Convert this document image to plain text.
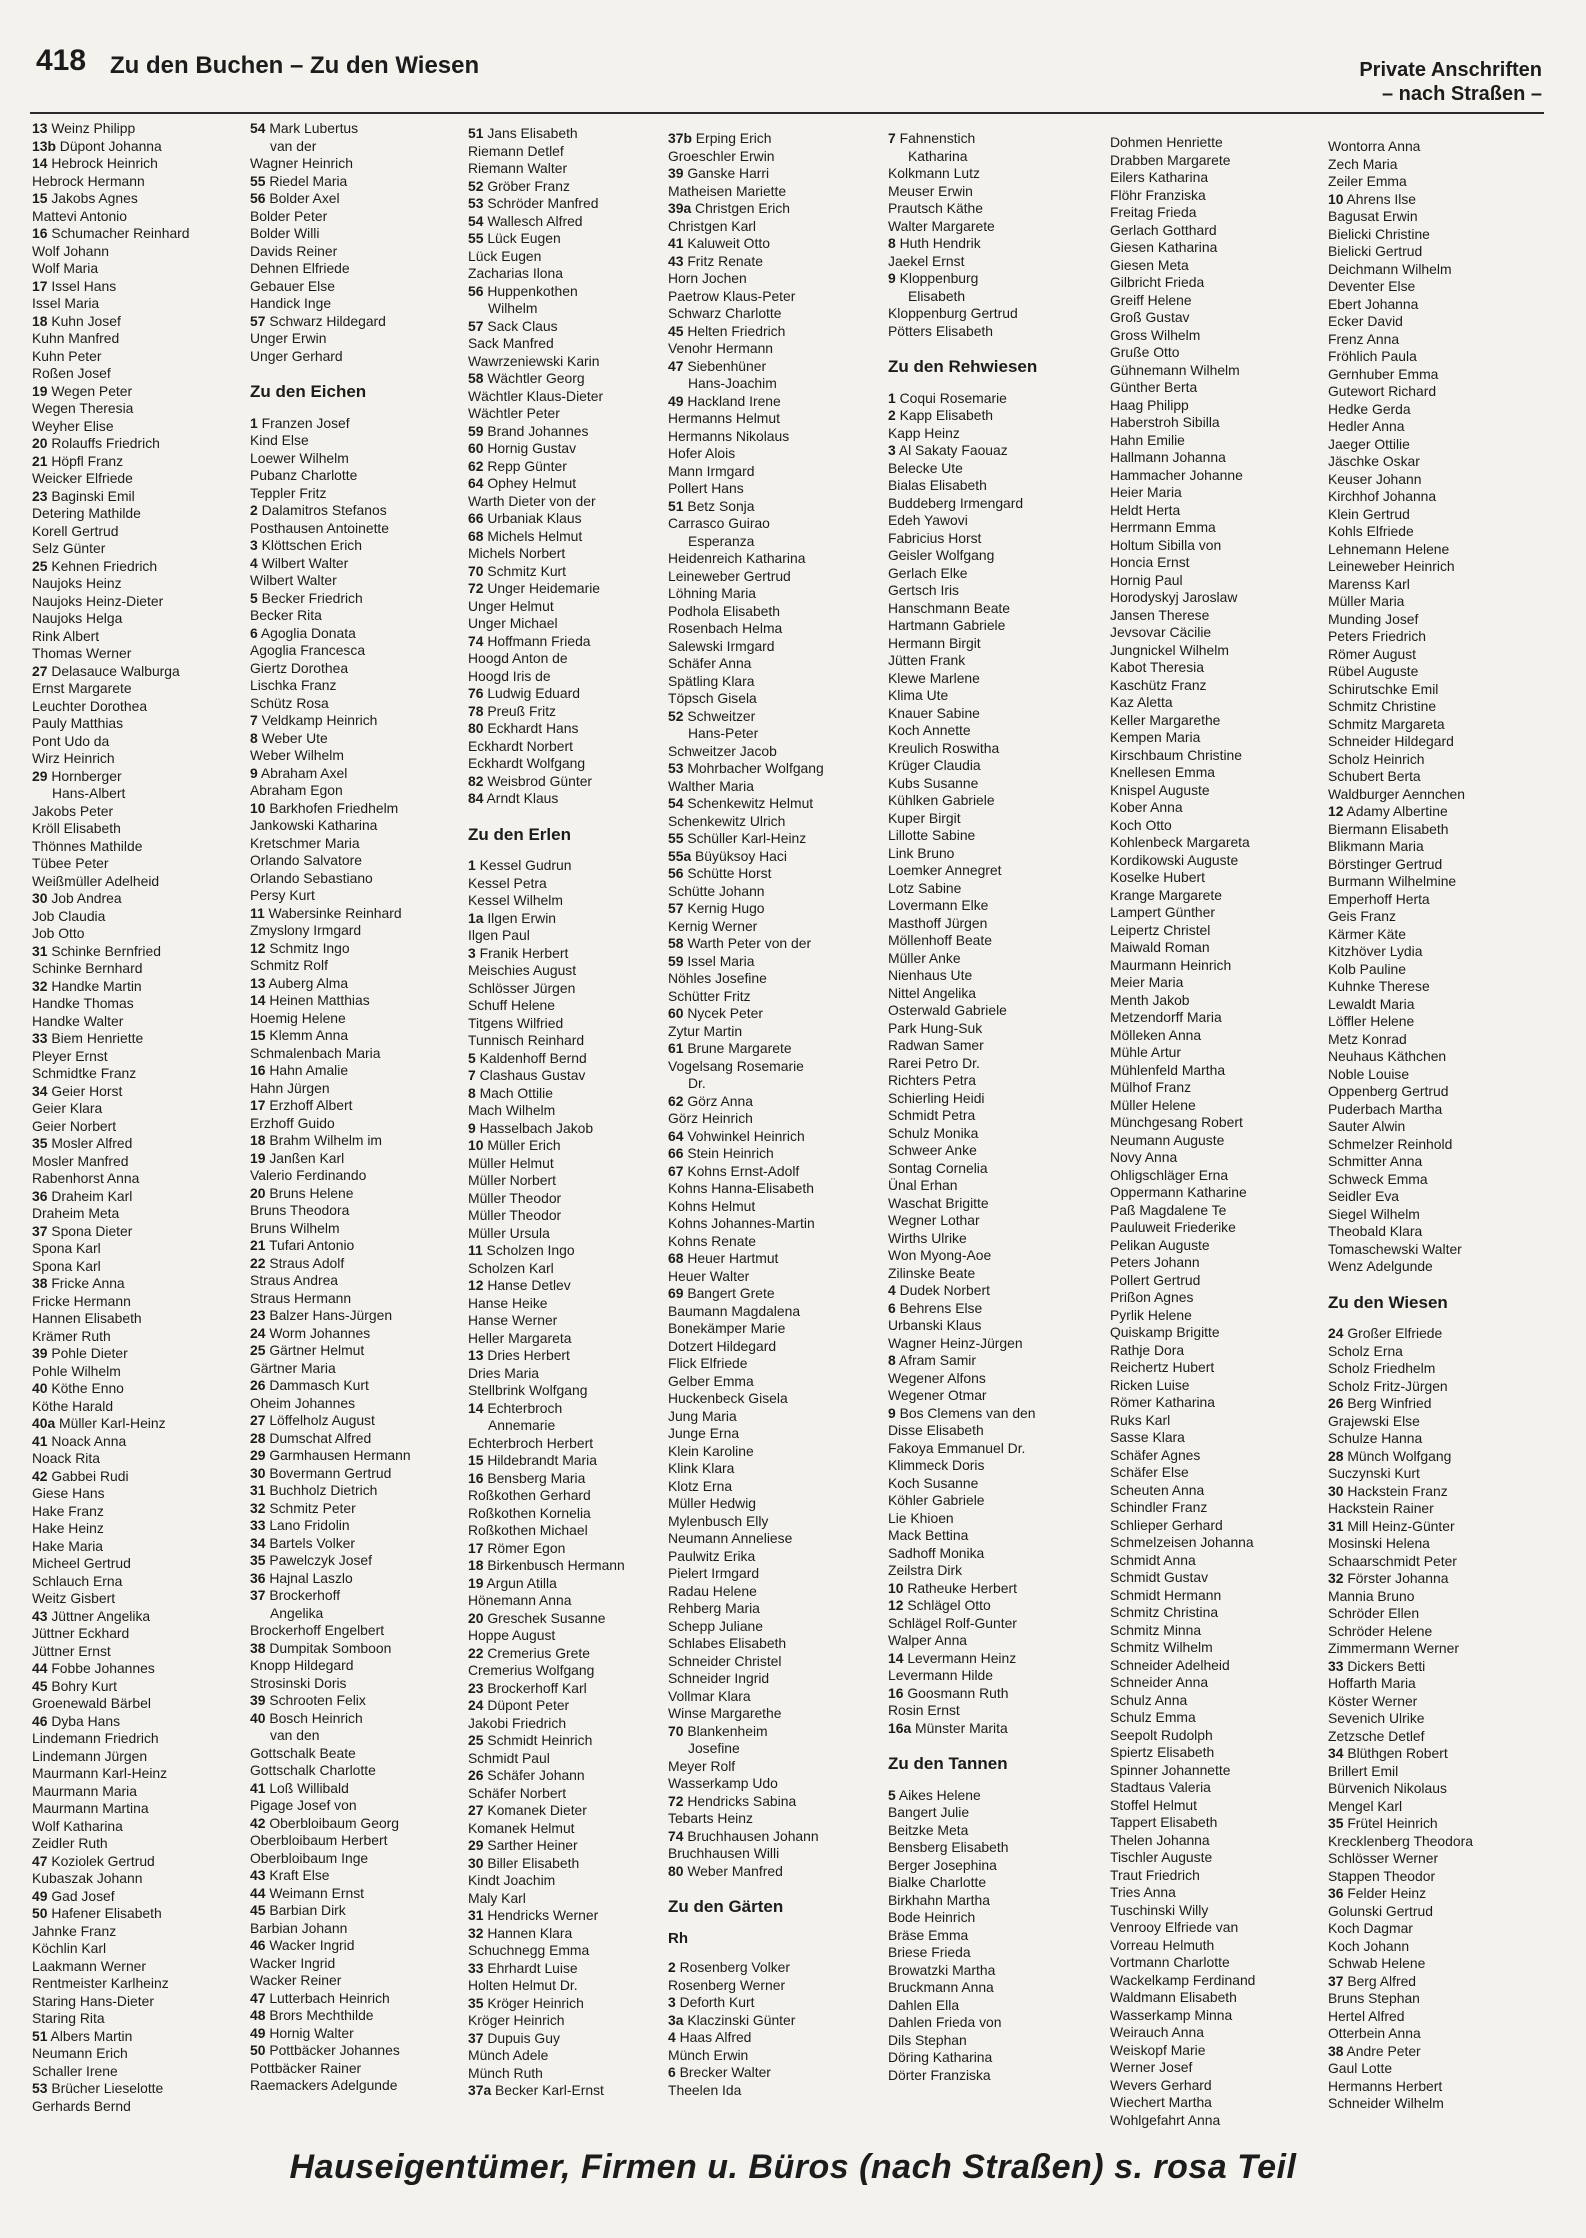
418 Zu den Buchen – Zu den Wiesen	Private Anschriften
– nach Straßen –
13 Weinz Philipp
13b Düpont Johanna
14 Hebrock Heinrich
Hebrock Hermann
15 Jakobs Agnes
Mattevi Antonio
16 Schumacher Reinhard
Wolf Johann
Wolf Maria
17 Issel Hans
Issel Maria
18 Kuhn Josef
Kuhn Manfred
Kuhn Peter
Roßen Josef
19 Wegen Peter
Wegen Theresia
Weyher Elise
20 Rolauffs Friedrich
21 Höpfl Franz
Weicker Elfriede
23 Baginski Emil
Detering Mathilde
Korell Gertrud
Selz Günter
25 Kehnen Friedrich
Naujoks Heinz
Naujoks Heinz-Dieter
Naujoks Helga
Rink Albert
Thomas Werner
27 Delasauce Walburga
Ernst Margarete
Leuchter Dorothea
Pauly Matthias
Pont Udo da
Wirz Heinrich
29 Hornberger
Hans-Albert
Jakobs Peter
Kröll Elisabeth
Thönnes Mathilde
Tübee Peter
Weißmüller Adelheid
30 Job Andrea
Job Claudia
Job Otto
31 Schinke Bernfried
Schinke Bernhard
32 Handke Martin
Handke Thomas
Handke Walter
33 Biem Henriette
Pleyer Ernst
Schmidtke Franz
34 Geier Horst
Geier Klara
Geier Norbert
35 Mosler Alfred
Mosler Manfred
Rabenhorst Anna
36 Draheim Karl
Draheim Meta
37 Spona Dieter
Spona Karl
Spona Karl
38 Fricke Anna
Fricke Hermann
Hannen Elisabeth
Krämer Ruth
39 Pohle Dieter
Pohle Wilhelm
40 Köthe Enno
Köthe Harald
40a Müller Karl-Heinz
41 Noack Anna
Noack Rita
42 Gabbei Rudi
Giese Hans
Hake Franz
Hake Heinz
Hake Maria
Micheel Gertrud
Schlauch Erna
Weitz Gisbert
43 Jüttner Angelika
Jüttner Eckhard
Jüttner Ernst
44 Fobbe Johannes
45 Bohry Kurt
Groenewald Bärbel
46 Dyba Hans
Lindemann Friedrich
Lindemann Jürgen
Maurmann Karl-Heinz
Maurmann Maria
Maurmann Martina
Wolf Katharina
Zeidler Ruth
47 Koziolek Gertrud
Kubaszak Johann
49 Gad Josef
50 Hafener Elisabeth
Jahnke Franz
Köchlin Karl
Laakmann Werner
Rentmeister Karlheinz
Staring Hans-Dieter
Staring Rita
51 Albers Martin
Neumann Erich
Schaller Irene
53 Brücher Lieselotte
Gerhards Bernd
54 Mark Lubertus
van der
Wagner Heinrich
55 Riedel Maria
56 Bolder Axel
Bolder Peter
Bolder Willi
Davids Reiner
Dehnen Elfriede
Gebauer Else
Handick Inge
57 Schwarz Hildegard
Unger Erwin
Unger Gerhard
Zu den Eichen
1 Franzen Josef
Kind Else
Loewer Wilhelm
Pubanz Charlotte
Teppler Fritz
2 Dalamitros Stefanos
Posthausen Antoinette
3 Klöttschen Erich
4 Wilbert Walter
Wilbert Walter
5 Becker Friedrich
Becker Rita
6 Agoglia Donata
Agoglia Francesca
Giertz Dorothea
Lischka Franz
Schütz Rosa
7 Veldkamp Heinrich
8 Weber Ute
Weber Wilhelm
9 Abraham Axel
Abraham Egon
10 Barkhofen Friedhelm
Jankowski Katharina
Kretschmer Maria
Orlando Salvatore
Orlando Sebastiano
Persy Kurt
11 Wabersinke Reinhard
Zmyslony Irmgard
12 Schmitz Ingo
Schmitz Rolf
13 Auberg Alma
14 Heinen Matthias
Hoemig Helene
15 Klemm Anna
Schmalenbach Maria
16 Hahn Amalie
Hahn Jürgen
17 Erzhoff Albert
Erzhoff Guido
18 Brahm Wilhelm im
19 Janßen Karl
Valerio Ferdinando
20 Bruns Helene
Bruns Theodora
Bruns Wilhelm
21 Tufari Antonio
22 Straus Adolf
Straus Andrea
Straus Hermann
23 Balzer Hans-Jürgen
24 Worm Johannes
25 Gärtner Helmut
Gärtner Maria
26 Dammasch Kurt
Oheim Johannes
27 Löffelholz August
28 Dumschat Alfred
29 Garmhausen Hermann
30 Bovermann Gertrud
31 Buchholz Dietrich
32 Schmitz Peter
33 Lano Fridolin
34 Bartels Volker
35 Pawelczyk Josef
36 Hajnal Laszlo
37 Brockerhoff
Angelika
Brockerhoff Engelbert
38 Dumpitak Somboon
Knopp Hildegard
Strosinski Doris
39 Schrooten Felix
40 Bosch Heinrich
van den
Gottschalk Beate
Gottschalk Charlotte
41 Loß Willibald
Pigage Josef von
42 Oberbloibaum Georg
Oberbloibaum Herbert
Oberbloibaum Inge
43 Kraft Else
44 Weimann Ernst
45 Barbian Dirk
Barbian Johann
46 Wacker Ingrid
Wacker Ingrid
Wacker Reiner
47 Lutterbach Heinrich
48 Brors Mechthilde
49 Hornig Walter
50 Pottbäcker Johannes
Pottbäcker Rainer
Raemackers Adelgunde
51 Jans Elisabeth
Riemann Detlef
Riemann Walter
52 Gröber Franz
53 Schröder Manfred
54 Wallesch Alfred
55 Lück Eugen
Lück Eugen
Zacharias Ilona
56 Huppenkothen
Wilhelm
57 Sack Claus
Sack Manfred
Wawrzeniewski Karin
58 Wächtler Georg
Wächtler Klaus-Dieter
Wächtler Peter
59 Brand Johannes
60 Hornig Gustav
62 Repp Günter
64 Ophey Helmut
Warth Dieter von der
66 Urbaniak Klaus
68 Michels Helmut
Michels Norbert
70 Schmitz Kurt
72 Unger Heidemarie
Unger Helmut
Unger Michael
74 Hoffmann Frieda
Hoogd Anton de
Hoogd Iris de
76 Ludwig Eduard
78 Preuß Fritz
80 Eckhardt Hans
Eckhardt Norbert
Eckhardt Wolfgang
82 Weisbrod Günter
84 Arndt Klaus
Zu den Erlen
1 Kessel Gudrun
Kessel Petra
Kessel Wilhelm
1a Ilgen Erwin
Ilgen Paul
3 Franik Herbert
Meischies August
Schlösser Jürgen
Schuff Helene
Titgens Wilfried
Tunnisch Reinhard
5 Kaldenhoff Bernd
7 Clashaus Gustav
8 Mach Ottilie
Mach Wilhelm
9 Hasselbach Jakob
10 Müller Erich
Müller Helmut
Müller Norbert
Müller Theodor
Müller Theodor
Müller Ursula
11 Scholzen Ingo
Scholzen Karl
12 Hanse Detlev
Hanse Heike
Hanse Werner
Heller Margareta
13 Dries Herbert
Dries Maria
Stellbrink Wolfgang
14 Echterbroch
Annemarie
Echterbroch Herbert
15 Hildebrandt Maria
16 Bensberg Maria
Roßkothen Gerhard
Roßkothen Kornelia
Roßkothen Michael
17 Römer Egon
18 Birkenbusch Hermann
19 Argun Atilla
Hönemann Anna
20 Greschek Susanne
Hoppe August
22 Cremerius Grete
Cremerius Wolfgang
23 Brockerhoff Karl
24 Düpont Peter
Jakobi Friedrich
25 Schmidt Heinrich
Schmidt Paul
26 Schäfer Johann
Schäfer Norbert
27 Komanek Dieter
Komanek Helmut
29 Sarther Heiner
30 Biller Elisabeth
Kindt Joachim
Maly Karl
31 Hendricks Werner
32 Hannen Klara
Schuchnegg Emma
33 Ehrhardt Luise
Holten Helmut Dr.
35 Kröger Heinrich
Kröger Heinrich
37 Dupuis Guy
Münch Adele
Münch Ruth
37a Becker Karl-Ernst
37b Erping Erich
Groeschler Erwin
39 Ganske Harri
Matheisen Mariette
39a Christgen Erich
Christgen Karl
41 Kaluweit Otto
43 Fritz Renate
Horn Jochen
Paetrow Klaus-Peter
Schwarz Charlotte
45 Helten Friedrich
Venohr Hermann
47 Siebenhüner
Hans-Joachim
49 Hackland Irene
Hermanns Helmut
Hermanns Nikolaus
Hofer Alois
Mann Irmgard
Pollert Hans
51 Betz Sonja
Carrasco Guirao
Esperanza
Heidenreich Katharina
Leineweber Gertrud
Löhning Maria
Podhola Elisabeth
Rosenbach Helma
Salewski Irmgard
Schäfer Anna
Spätling Klara
Töpsch Gisela
52 Schweitzer
Hans-Peter
Schweitzer Jacob
53 Mohrbacher Wolfgang
Walther Maria
54 Schenkewitz Helmut
Schenkewitz Ulrich
55 Schüller Karl-Heinz
55a Büyüksoy Haci
56 Schütte Horst
Schütte Johann
57 Kernig Hugo
Kernig Werner
58 Warth Peter von der
59 Issel Maria
Nöhles Josefine
Schütter Fritz
60 Nycek Peter
Zytur Martin
61 Brune Margarete
Vogelsang Rosemarie
Dr.
62 Görz Anna
Görz Heinrich
64 Vohwinkel Heinrich
66 Stein Heinrich
67 Kohns Ernst-Adolf
Kohns Hanna-Elisabeth
Kohns Helmut
Kohns Johannes-Martin
Kohns Renate
68 Heuer Hartmut
Heuer Walter
69 Bangert Grete
Baumann Magdalena
Bonekämper Marie
Dotzert Hildegard
Flick Elfriede
Gelber Emma
Huckenbeck Gisela
Jung Maria
Junge Erna
Klein Karoline
Klink Klara
Klotz Erna
Müller Hedwig
Mylenbusch Elly
Neumann Anneliese
Paulwitz Erika
Pielert Irmgard
Radau Helene
Rehberg Maria
Schepp Juliane
Schlabes Elisabeth
Schneider Christel
Schneider Ingrid
Vollmar Klara
Winse Margarethe
70 Blankenheim
Josefine
Meyer Rolf
Wasserkamp Udo
72 Hendricks Sabina
Tebarts Heinz
74 Bruchhausen Johann
Bruchhausen Willi
80 Weber Manfred
Zu den Gärten
Rh
2 Rosenberg Volker
Rosenberg Werner
3 Deforth Kurt
3a Klaczinski Günter
4 Haas Alfred
Münch Erwin
6 Brecker Walter
Theelen Ida
7 Fahnenstich
Katharina
Kolkmann Lutz
Meuser Erwin
Prautsch Käthe
Walter Margarete
8 Huth Hendrik
Jaekel Ernst
9 Kloppenburg
Elisabeth
Kloppenburg Gertrud
Pötters Elisabeth
Zu den Rehwiesen
1 Coqui Rosemarie
2 Kapp Elisabeth
Kapp Heinz
3 Al Sakaty Faouaz
Belecke Ute
Bialas Elisabeth
Buddeberg Irmengard
Edeh Yawovi
Fabricius Horst
Geisler Wolfgang
Gerlach Elke
Gertsch Iris
Hanschmann Beate
Hartmann Gabriele
Hermann Birgit
Jütten Frank
Klewe Marlene
Klima Ute
Knauer Sabine
Koch Annette
Kreulich Roswitha
Krüger Claudia
Kubs Susanne
Kühlken Gabriele
Kuper Birgit
Lillotte Sabine
Link Bruno
Loemker Annegret
Lotz Sabine
Lovermann Elke
Masthoff Jürgen
Möllenhoff Beate
Müller Anke
Nienhaus Ute
Nittel Angelika
Osterwald Gabriele
Park Hung-Suk
Radwan Samer
Rarei Petro Dr.
Richters Petra
Schierling Heidi
Schmidt Petra
Schulz Monika
Schweer Anke
Sontag Cornelia
Ünal Erhan
Waschat Brigitte
Wegner Lothar
Wirths Ulrike
Won Myong-Aoe
Zilinske Beate
4 Dudek Norbert
6 Behrens Else
Urbanski Klaus
Wagner Heinz-Jürgen
8 Afram Samir
Wegener Alfons
Wegener Otmar
9 Bos Clemens van den
Disse Elisabeth
Fakoya Emmanuel Dr.
Klimmeck Doris
Koch Susanne
Köhler Gabriele
Lie Khioen
Mack Bettina
Sadhoff Monika
Zeilstra Dirk
10 Ratheuke Herbert
12 Schlägel Otto
Schlägel Rolf-Gunter
Walper Anna
14 Levermann Heinz
Levermann Hilde
16 Goosmann Ruth
Rosin Ernst
16a Münster Marita
Zu den Tannen
5 Aikes Helene
Bangert Julie
Beitzke Meta
Bensberg Elisabeth
Berger Josephina
Bialke Charlotte
Birkhahn Martha
Bode Heinrich
Bräse Emma
Briese Frieda
Browatzki Martha
Bruckmann Anna
Dahlen Ella
Dahlen Frieda von
Dils Stephan
Döring Katharina
Dörter Franziska
Dohmen Henriette
Drabben Margarete
Eilers Katharina
Flöhr Franziska
Freitag Frieda
Gerlach Gotthard
Giesen Katharina
Giesen Meta
Gilbricht Frieda
Greiff Helene
Groß Gustav
Gross Wilhelm
Gruße Otto
Gühnemann Wilhelm
Günther Berta
Haag Philipp
Haberstroh Sibilla
Hahn Emilie
Hallmann Johanna
Hammacher Johanne
Heier Maria
Heldt Herta
Herrmann Emma
Holtum Sibilla von
Honcia Ernst
Hornig Paul
Horodyskyj Jaroslaw
Jansen Therese
Jevsovar Cäcilie
Jungnickel Wilhelm
Kabot Theresia
Kaschütz Franz
Kaz Aletta
Keller Margarethe
Kempen Maria
Kirschbaum Christine
Knellesen Emma
Knispel Auguste
Kober Anna
Koch Otto
Kohlenbeck Margareta
Kordikowski Auguste
Koselke Hubert
Krange Margarete
Lampert Günther
Leipertz Christel
Maiwald Roman
Maurmann Heinrich
Meier Maria
Menth Jakob
Metzendorff Maria
Mölleken Anna
Mühle Artur
Mühlenfeld Martha
Mülhof Franz
Müller Helene
Münchgesang Robert
Neumann Auguste
Novy Anna
Ohligschläger Erna
Oppermann Katharine
Paß Magdalene Te
Pauluweit Friederike
Pelikan Auguste
Peters Johann
Pollert Gertrud
Prißon Agnes
Pyrlik Helene
Quiskamp Brigitte
Rathje Dora
Reichertz Hubert
Ricken Luise
Römer Katharina
Ruks Karl
Sasse Klara
Schäfer Agnes
Schäfer Else
Scheuten Anna
Schindler Franz
Schlieper Gerhard
Schmelzeisen Johanna
Schmidt Anna
Schmidt Gustav
Schmidt Hermann
Schmitz Christina
Schmitz Minna
Schmitz Wilhelm
Schneider Adelheid
Schneider Anna
Schulz Anna
Schulz Emma
Seepolt Rudolph
Spiertz Elisabeth
Spinner Johannette
Stadtaus Valeria
Stoffel Helmut
Tappert Elisabeth
Thelen Johanna
Tischler Auguste
Traut Friedrich
Tries Anna
Tuschinski Willy
Venrooy Elfriede van
Vorreau Helmuth
Vortmann Charlotte
Wackelkamp Ferdinand
Waldmann Elisabeth
Wasserkamp Minna
Weirauch Anna
Weiskopf Marie
Werner Josef
Wevers Gerhard
Wiechert Martha
Wohlgefahrt Anna
Wontorra Anna
Zech Maria
Zeiler Emma
10 Ahrens Ilse
Bagusat Erwin
Bielicki Christine
Bielicki Gertrud
Deichmann Wilhelm
Deventer Else
Ebert Johanna
Ecker David
Frenz Anna
Fröhlich Paula
Gernhuber Emma
Gutewort Richard
Hedke Gerda
Hedler Anna
Jaeger Ottilie
Jäschke Oskar
Keuser Johann
Kirchhof Johanna
Klein Gertrud
Kohls Elfriede
Lehnemann Helene
Leineweber Heinrich
Marenss Karl
Müller Maria
Munding Josef
Peters Friedrich
Römer August
Rübel Auguste
Schirutschke Emil
Schmitz Christine
Schmitz Margareta
Schneider Hildegard
Scholz Heinrich
Schubert Berta
Waldburger Aennchen
12 Adamy Albertine
Biermann Elisabeth
Blikmann Maria
Börstinger Gertrud
Burmann Wilhelmine
Emperhoff Herta
Geis Franz
Kärmer Käte
Kitzhöver Lydia
Kolb Pauline
Kuhnke Therese
Lewaldt Maria
Löffler Helene
Metz Konrad
Neuhaus Käthchen
Noble Louise
Oppenberg Gertrud
Puderbach Martha
Sauter Alwin
Schmelzer Reinhold
Schmitter Anna
Schweck Emma
Seidler Eva
Siegel Wilhelm
Theobald Klara
Tomaschewski Walter
Wenz Adelgunde
Zu den Wiesen
24 Großer Elfriede
Scholz Erna
Scholz Friedhelm
Scholz Fritz-Jürgen
26 Berg Winfried
Grajewski Else
Schulze Hanna
28 Münch Wolfgang
Suczynski Kurt
30 Hackstein Franz
Hackstein Rainer
31 Mill Heinz-Günter
Mosinski Helena
Schaarschmidt Peter
32 Förster Johanna
Mannia Bruno
Schröder Ellen
Schröder Helene
Zimmermann Werner
33 Dickers Betti
Hoffarth Maria
Köster Werner
Sevenich Ulrike
Zetzsche Detlef
34 Blüthgen Robert
Brillert Emil
Bürvenich Nikolaus
Mengel Karl
35 Frütel Heinrich
Krecklenberg Theodora
Schlösser Werner
Stappen Theodor
36 Felder Heinz
Golunski Gertrud
Koch Dagmar
Koch Johann
Schwab Helene
37 Berg Alfred
Bruns Stephan
Hertel Alfred
Otterbein Anna
38 Andre Peter
Gaul Lotte
Hermanns Herbert
Schneider Wilhelm
Hauseigentümer, Firmen u. Büros (nach Straßen) s. rosa Teil
